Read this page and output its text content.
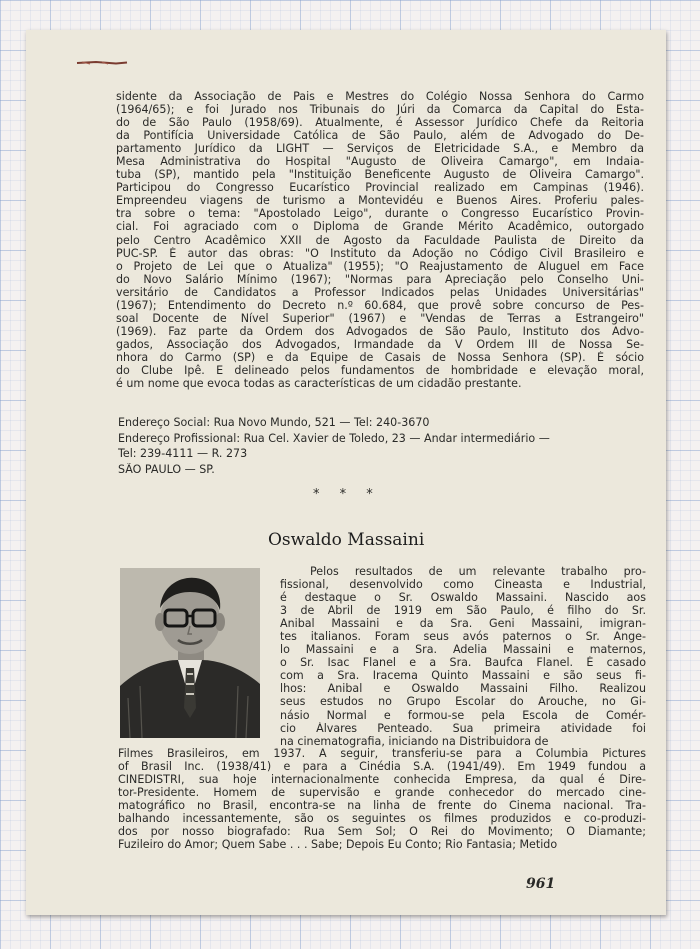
sidente da Associação de Pais e Mestres do Colégio Nossa Senhora do Carmo
(1964/65); e foi Jurado nos Tribunais do Júri da Comarca da Capital do Esta-
do de São Paulo (1958/69). Atualmente, é Assessor Jurídico Chefe da Reitoria
da Pontifícia Universidade Católica de São Paulo, além de Advogado do De-
partamento Jurídico da LIGHT — Serviços de Eletricidade S.A., e Membro da
Mesa Administrativa do Hospital "Augusto de Oliveira Camargo", em Indaia-
tuba (SP), mantido pela "Instituição Beneficente Augusto de Oliveira Camargo".
Participou do Congresso Eucarístico Provincial realizado em Campinas (1946).
Empreendeu viagens de turismo a Montevidéu e Buenos Aires. Proferiu pales-
tra sobre o tema: "Apostolado Leigo", durante o Congresso Eucarístico Provin-
cial. Foi agraciado com o Diploma de Grande Mérito Acadêmico, outorgado
pelo Centro Acadêmico XXII de Agosto da Faculdade Paulista de Direito da
PUC-SP. É autor das obras: "O Instituto da Adoção no Código Civil Brasileiro e
o Projeto de Lei que o Atualiza" (1955); "O Reajustamento de Aluguel em Face
do Novo Salário Mínimo (1967); "Normas para Apreciação pelo Conselho Uni-
versitário de Candidatos a Professor Indicados pelas Unidades Universitárias"
(1967); Entendimento do Decreto n.º 60.684, que provê sobre concurso de Pes-
soal Docente de Nível Superior" (1967) e "Vendas de Terras a Estrangeiro"
(1969). Faz parte da Ordem dos Advogados de São Paulo, Instituto dos Advo-
gados, Associação dos Advogados, Irmandade da V Ordem III de Nossa Se-
nhora do Carmo (SP) e da Equipe de Casais de Nossa Senhora (SP). É sócio
do Clube Ipê. E delineado pelos fundamentos de hombridade e elevação moral,
é um nome que evoca todas as características de um cidadão prestante.
Endereço Social: Rua Novo Mundo, 521 — Tel: 240-3670
Endereço Profissional: Rua Cel. Xavier de Toledo, 23 — Andar intermediário —
Tel: 239-4111 — R. 273
SÃO PAULO — SP.
* * *
Oswaldo Massaini
Pelos resultados de um relevante trabalho pro-
fissional, desenvolvido como Cineasta e Industrial,
é destaque o Sr. Oswaldo Massaini. Nascido aos
3 de Abril de 1919 em São Paulo, é filho do Sr.
Anibal Massaini e da Sra. Geni Massaini, imigran-
tes italianos. Foram seus avós paternos o Sr. Ange-
lo Massaini e a Sra. Adelia Massaini e maternos,
o Sr. Isac Flanel e a Sra. Baufca Flanel. É casado
com a Sra. Iracema Quinto Massaini e são seus fi-
lhos: Anibal e Oswaldo Massaini Filho. Realizou
seus estudos no Grupo Escolar do Arouche, no Gi-
násio Normal e formou-se pela Escola de Comér-
cio Álvares Penteado. Sua primeira atividade foi
na cinematografia, iniciando na Distribuidora de
Filmes Brasileiros, em 1937. A seguir, transferiu-se para a Columbia Pictures
of Brasil Inc. (1938/41) e para a Cinédia S.A. (1941/49). Em 1949 fundou a
CINEDISTRI, sua hoje internacionalmente conhecida Empresa, da qual é Dire-
tor-Presidente. Homem de supervisão e grande conhecedor do mercado cine-
matográfico no Brasil, encontra-se na linha de frente do Cinema nacional. Tra-
balhando incessantemente, são os seguintes os filmes produzidos e co-produzi-
dos por nosso biografado: Rua Sem Sol; O Rei do Movimento; O Diamante;
Fuzileiro do Amor; Quem Sabe . . . Sabe; Depois Eu Conto; Rio Fantasia; Metido
961
